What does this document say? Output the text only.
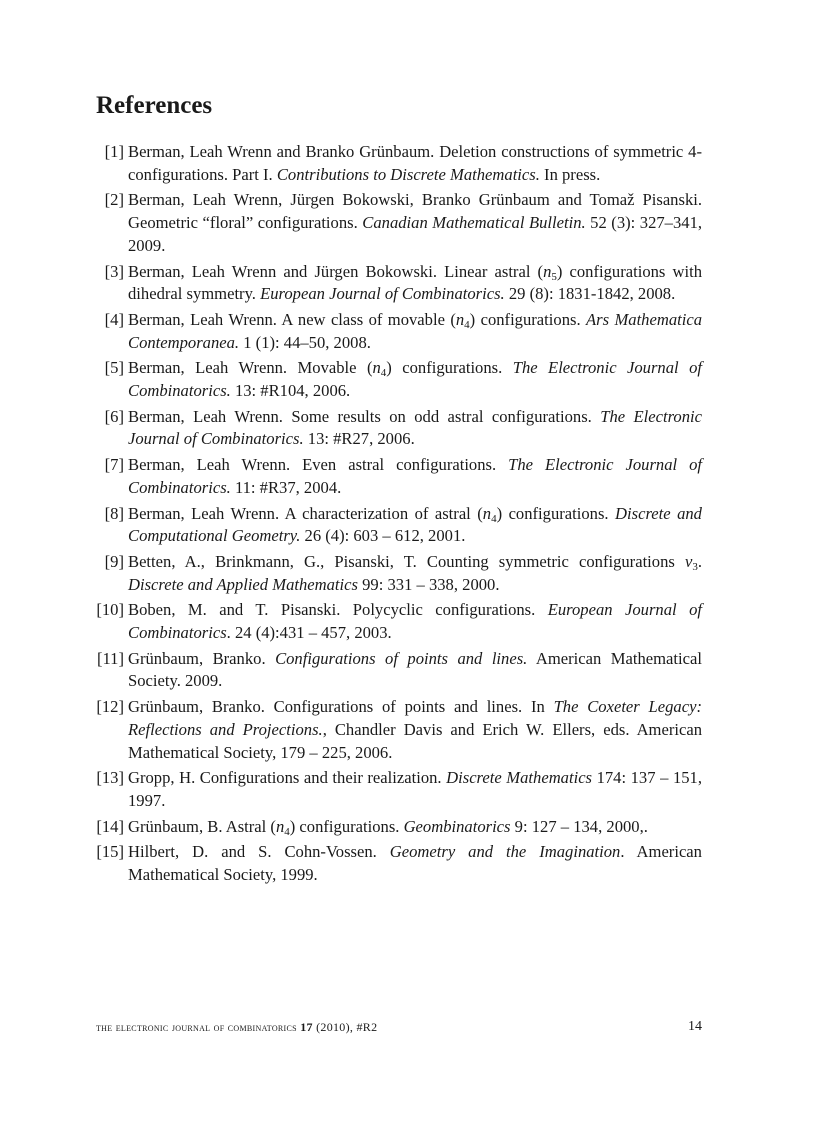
References
[1] Berman, Leah Wrenn and Branko Grünbaum. Deletion constructions of symmetric 4-configurations. Part I. Contributions to Discrete Mathematics. In press.
[2] Berman, Leah Wrenn, Jürgen Bokowski, Branko Grünbaum and Tomaž Pisanski. Geometric “floral” configurations. Canadian Mathematical Bulletin. 52 (3): 327–341, 2009.
[3] Berman, Leah Wrenn and Jürgen Bokowski. Linear astral $(n_5)$ configurations with dihedral symmetry. European Journal of Combinatorics. 29 (8): 1831-1842, 2008.
[4] Berman, Leah Wrenn. A new class of movable $(n_4)$ configurations. Ars Mathematica Contemporanea. 1 (1): 44–50, 2008.
[5] Berman, Leah Wrenn. Movable $(n_4)$ configurations. The Electronic Journal of Combinatorics. 13: #R104, 2006.
[6] Berman, Leah Wrenn. Some results on odd astral configurations. The Electronic Journal of Combinatorics. 13: #R27, 2006.
[7] Berman, Leah Wrenn. Even astral configurations. The Electronic Journal of Combinatorics. 11: #R37, 2004.
[8] Berman, Leah Wrenn. A characterization of astral $(n_4)$ configurations. Discrete and Computational Geometry. 26 (4): 603 – 612, 2001.
[9] Betten, A., Brinkmann, G., Pisanski, T. Counting symmetric configurations $v_3$. Discrete and Applied Mathematics 99: 331 – 338, 2000.
[10] Boben, M. and T. Pisanski. Polycyclic configurations. European Journal of Combinatorics. 24 (4):431 – 457, 2003.
[11] Grünbaum, Branko. Configurations of points and lines. American Mathematical Society. 2009.
[12] Grünbaum, Branko. Configurations of points and lines. In The Coxeter Legacy: Reflections and Projections., Chandler Davis and Erich W. Ellers, eds. American Mathematical Society, 179 – 225, 2006.
[13] Gropp, H. Configurations and their realization. Discrete Mathematics 174: 137 – 151, 1997.
[14] Grünbaum, B. Astral $(n_4)$ configurations. Geombinatorics 9: 127 – 134, 2000,.
[15] Hilbert, D. and S. Cohn-Vossen. Geometry and the Imagination. American Mathematical Society, 1999.
the electronic journal of combinatorics 17 (2010), #R2	14
